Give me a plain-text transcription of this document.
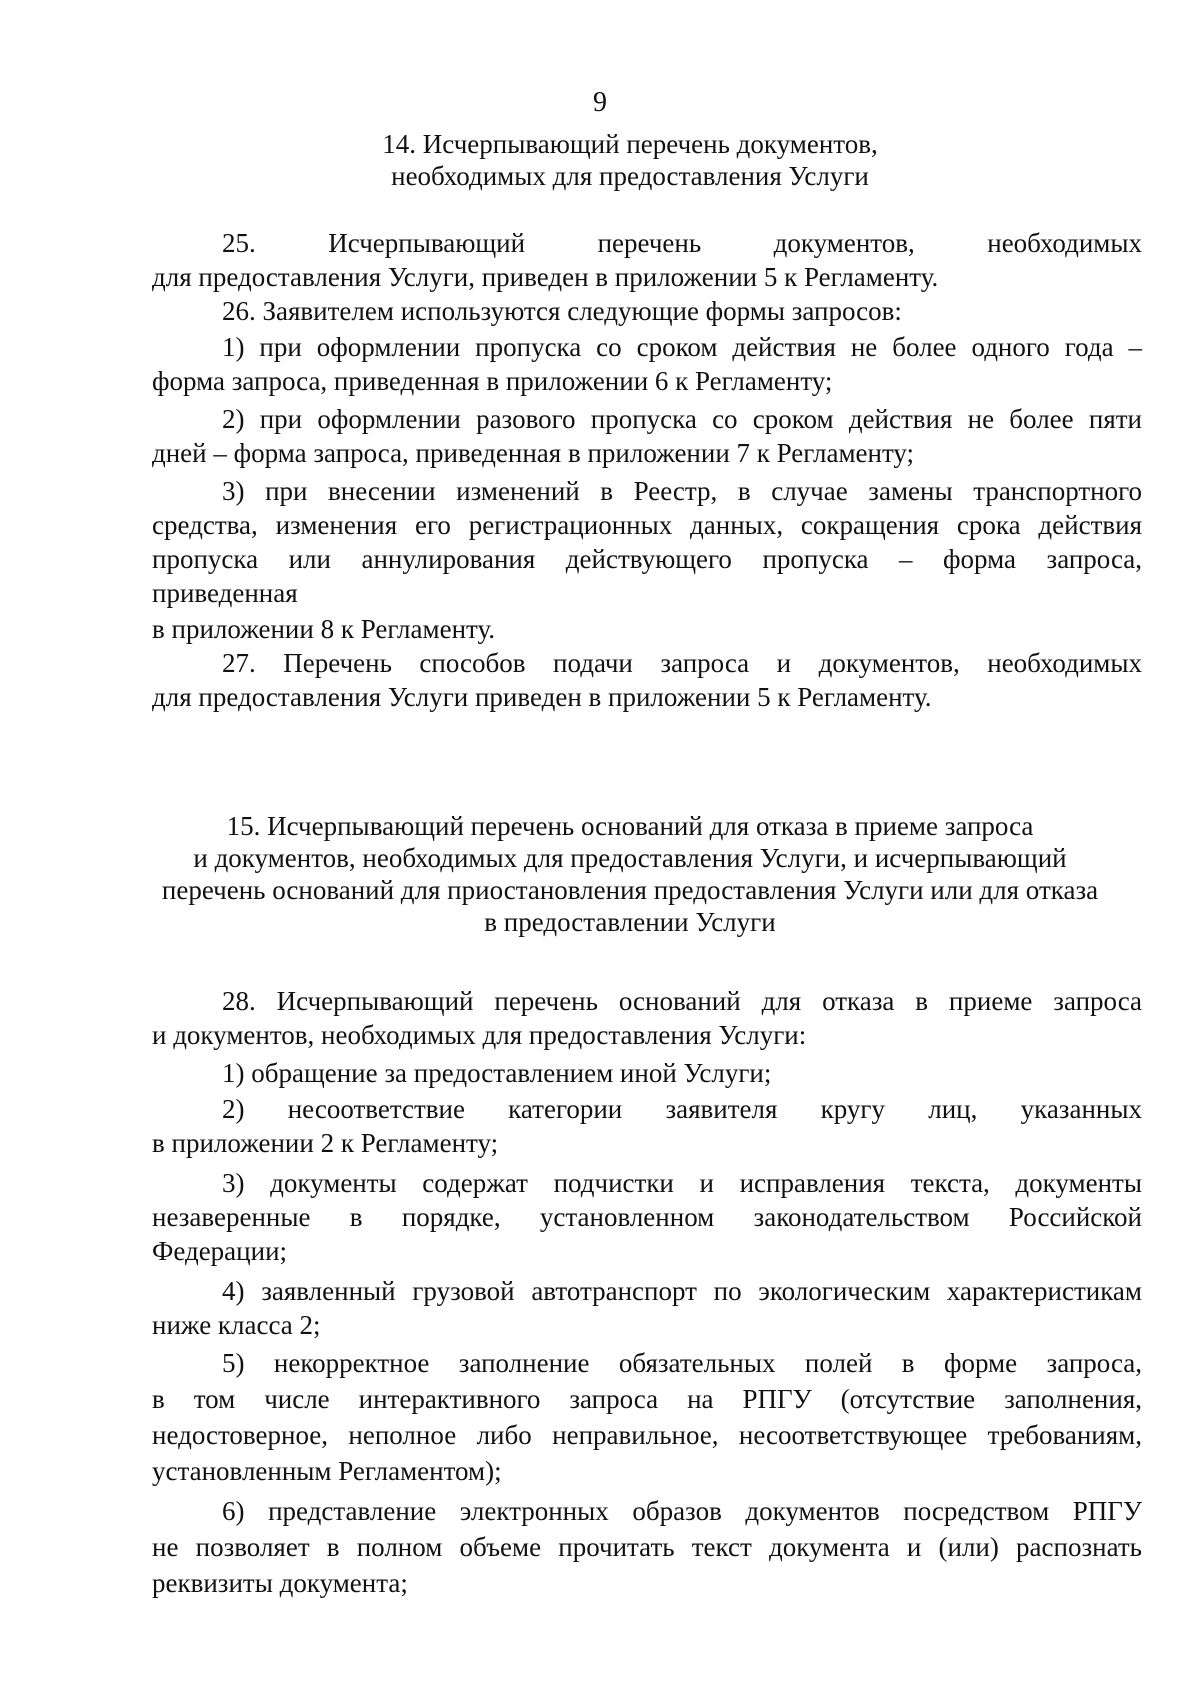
9
14. Исчерпывающий перечень документов,
необходимых для предоставления Услуги
25. Исчерпывающий перечень документов, необходимых
для предоставления Услуги, приведен в приложении 5 к Регламенту.
26. Заявителем используются следующие формы запросов:
1) при оформлении пропуска со сроком действия не более одного года –
форма запроса, приведенная в приложении 6 к Регламенту;
2) при оформлении разового пропуска со сроком действия не более пяти
дней – форма запроса, приведенная в приложении 7 к Регламенту;
3) при внесении изменений в Реестр, в случае замены транспортного
средства, изменения его регистрационных данных, сокращения срока действия
пропуска или аннулирования действующего пропуска – форма запроса,
приведенная
в приложении 8 к Регламенту.
27. Перечень способов подачи запроса и документов, необходимых
для предоставления Услуги приведен в приложении 5 к Регламенту.
15. Исчерпывающий перечень оснований для отказа в приеме запроса
и документов, необходимых для предоставления Услуги, и исчерпывающий
перечень оснований для приостановления предоставления Услуги или для отказа
в предоставлении Услуги
28. Исчерпывающий перечень оснований для отказа в приеме запроса
и документов, необходимых для предоставления Услуги:
1) обращение за предоставлением иной Услуги;
2) несоответствие категории заявителя кругу лиц, указанных
в приложении 2 к Регламенту;
3) документы содержат подчистки и исправления текста, документы
незаверенные в порядке, установленном законодательством Российской
Федерации;
4) заявленный грузовой автотранспорт по экологическим характеристикам
ниже класса 2;
5) некорректное заполнение обязательных полей в форме запроса,
в том числе интерактивного запроса на РПГУ (отсутствие заполнения,
недостоверное, неполное либо неправильное, несоответствующее требованиям,
установленным Регламентом);
6) представление электронных образов документов посредством РПГУ
не позволяет в полном объеме прочитать текст документа и (или) распознать
реквизиты документа;
